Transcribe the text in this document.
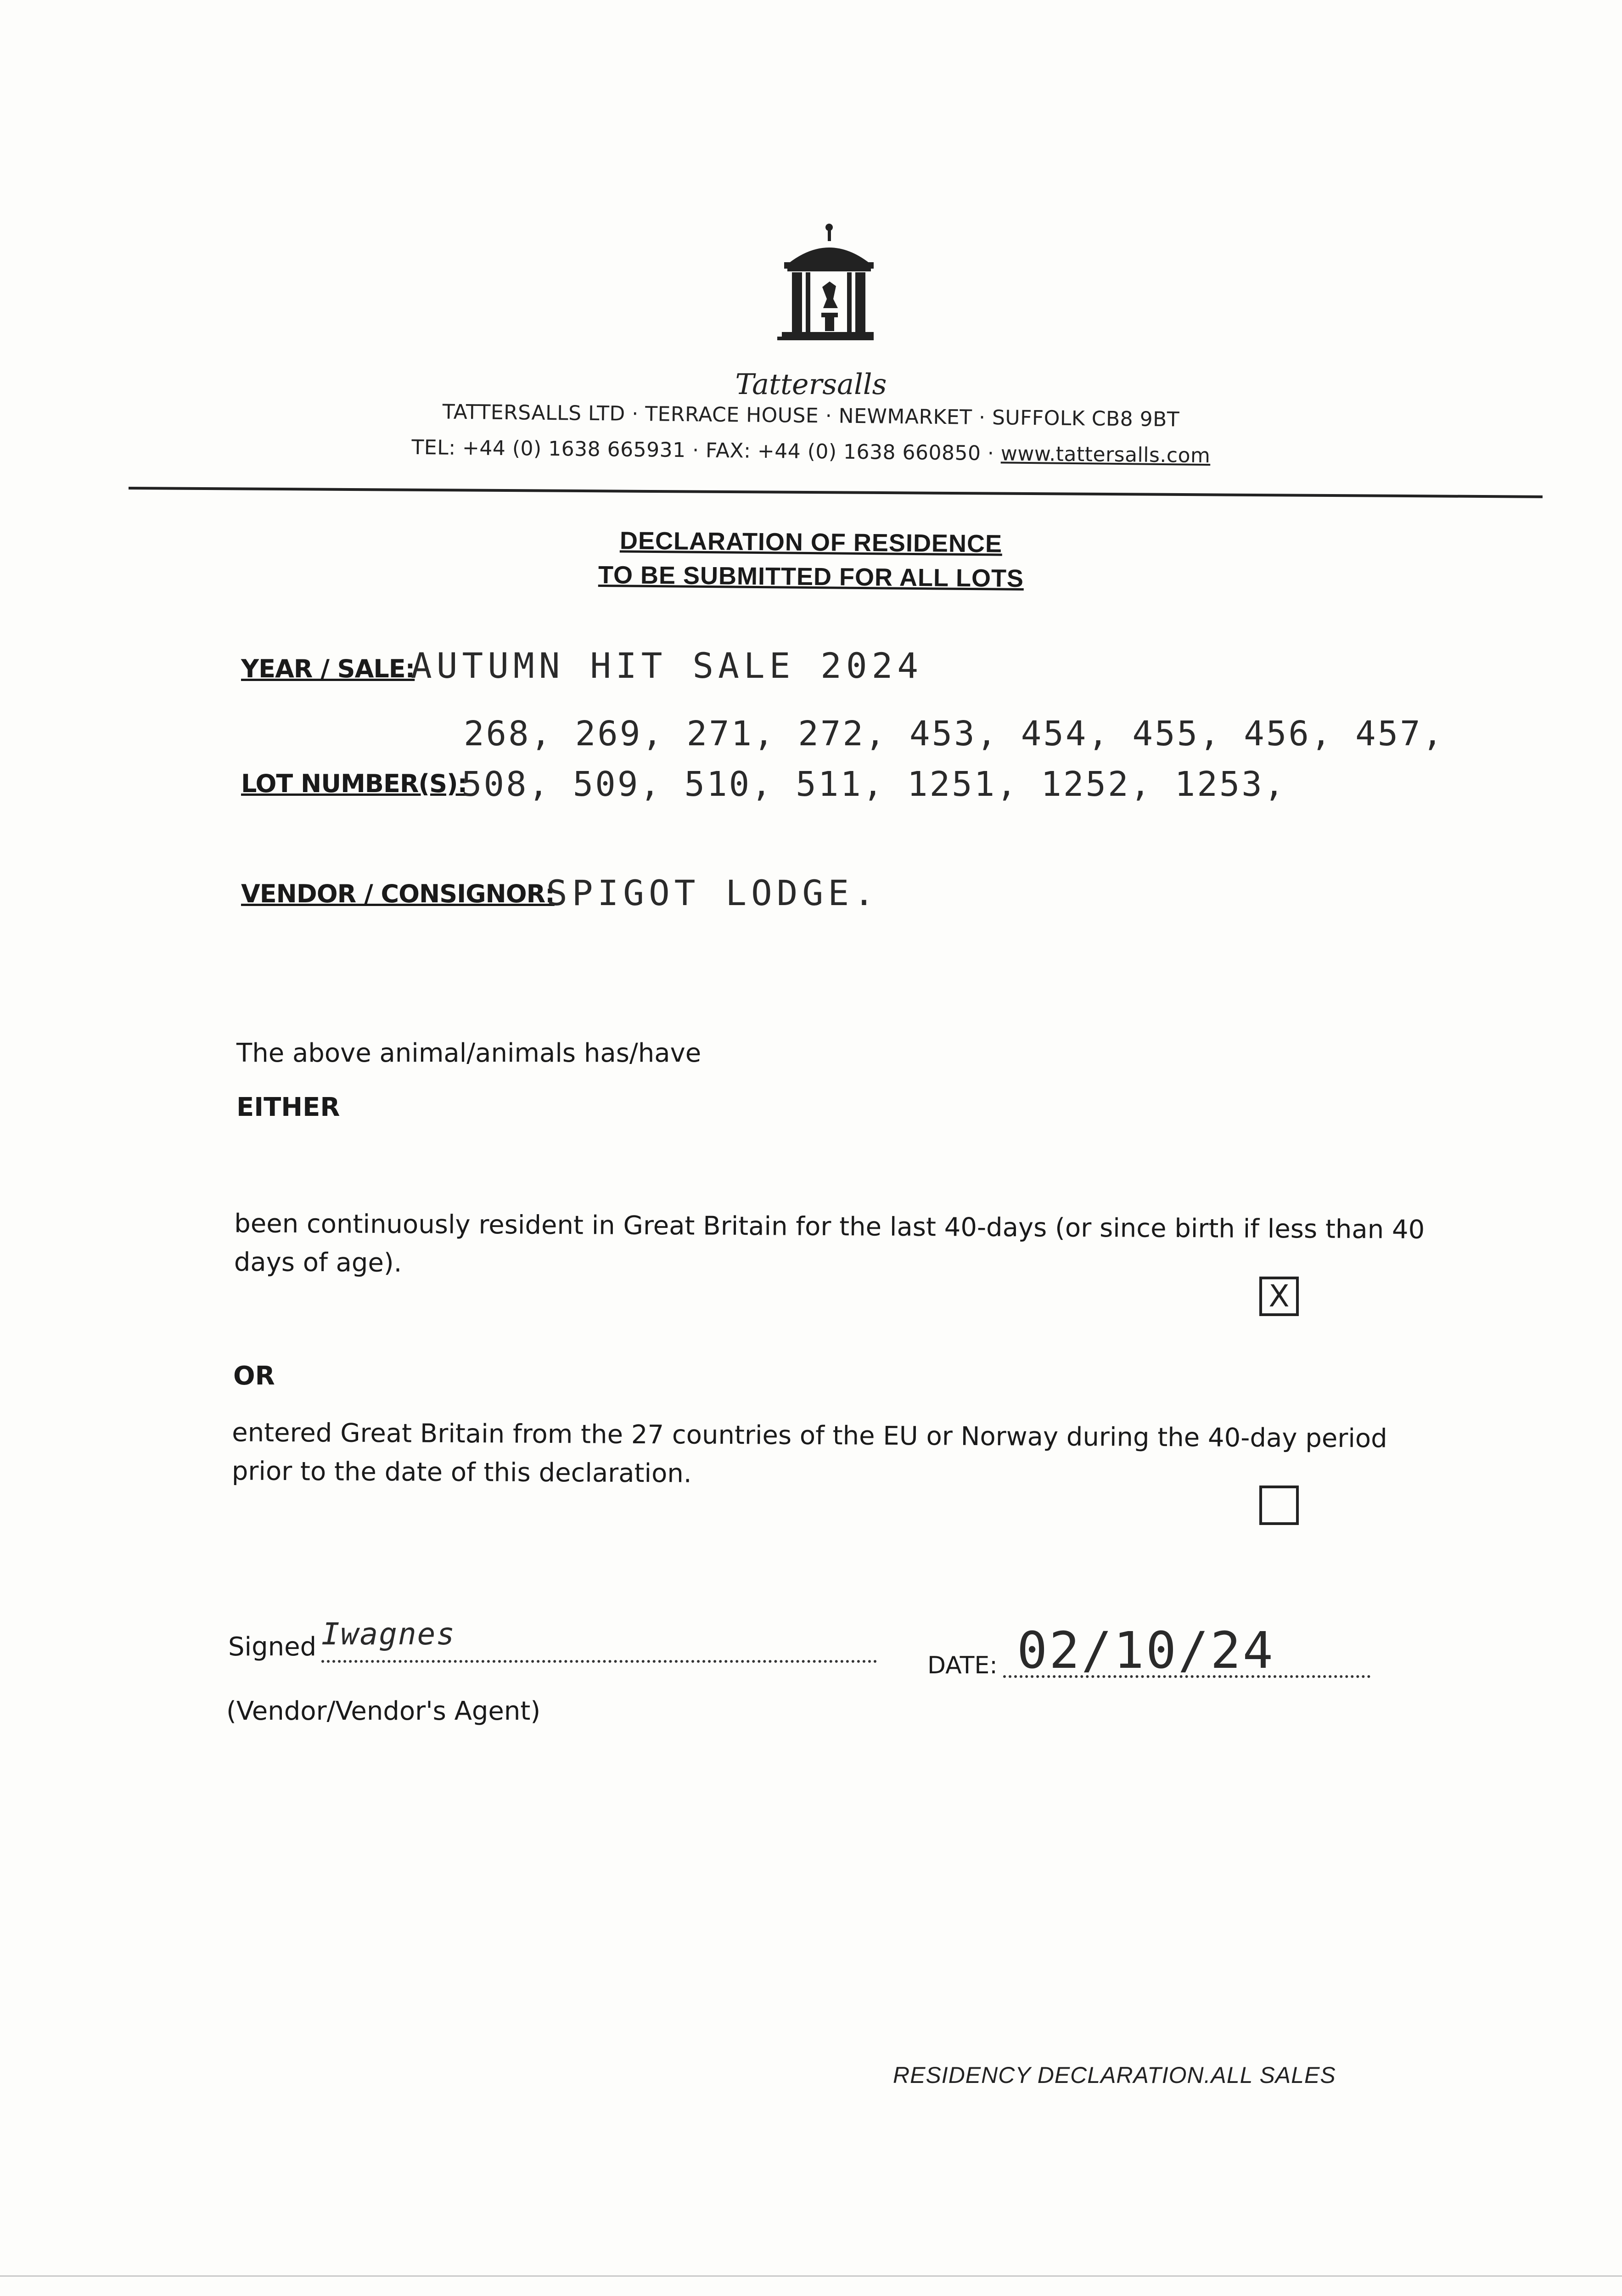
Tattersalls
TATTERSALLS LTD · TERRACE HOUSE · NEWMARKET · SUFFOLK CB8 9BT
TEL: +44 (0) 1638 665931 · FAX: +44 (0) 1638 660850 · www.tattersalls.com
DECLARATION OF RESIDENCE
TO BE SUBMITTED FOR ALL LOTS
YEAR / SALE:
AUTUMN HIT SALE 2024
268, 269, 271, 272, 453, 454, 455, 456, 457,
LOT NUMBER(S):
508, 509, 510, 511, 1251, 1252, 1253,
VENDOR / CONSIGNOR:
SPIGOT LODGE.
The above animal/animals has/have
EITHER
been continuously resident in Great Britain for the last 40-days (or since birth if less than 40
days of age).
X
OR
entered Great Britain from the 27 countries of the EU or Norway during the 40-day period
prior to the date of this declaration.
Signed Iwagnes
(Vendor/Vendor's Agent)
DATE: 02/10/24
RESIDENCY DECLARATION.ALL SALES
